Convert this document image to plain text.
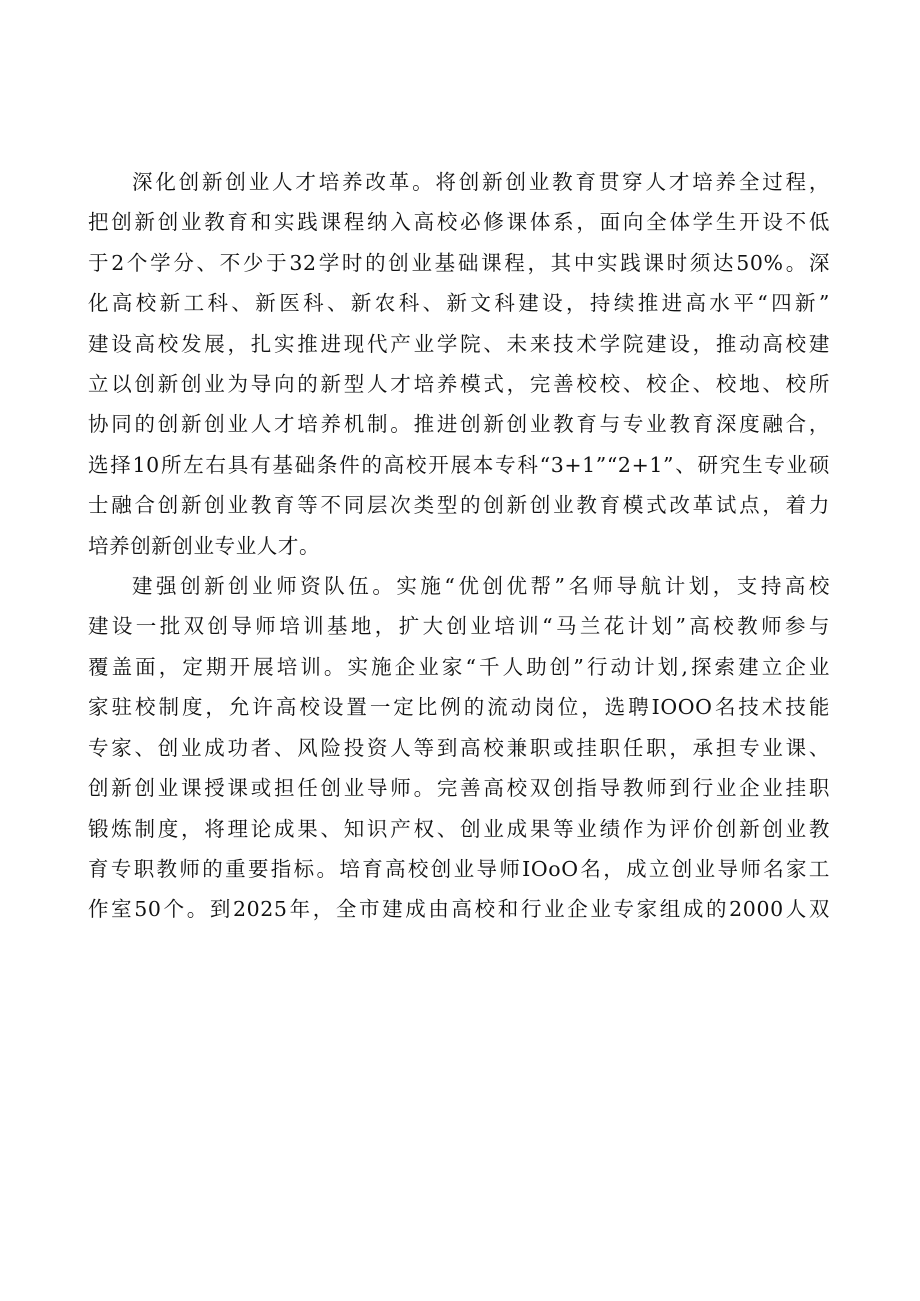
深化创新创业人才培养改革。将创新创业教育贯穿人才培养全过程，
把创新创业教育和实践课程纳入高校必修课体系，面向全体学生开设不低
于2个学分、不少于32学时的创业基础课程，其中实践课时须达50%。深
化高校新工科、新医科、新农科、新文科建设，持续推进高水平“四新”
建设高校发展，扎实推进现代产业学院、未来技术学院建设，推动高校建
立以创新创业为导向的新型人才培养模式，完善校校、校企、校地、校所
协同的创新创业人才培养机制。推进创新创业教育与专业教育深度融合，
选择10所左右具有基础条件的高校开展本专科“3+1”“2+1”、研究生专业硕
士融合创新创业教育等不同层次类型的创新创业教育模式改革试点，着力
培养创新创业专业人才。

建强创新创业师资队伍。实施“优创优帮”名师导航计划，支持高校
建设一批双创导师培训基地，扩大创业培训“马兰花计划”高校教师参与
覆盖面，定期开展培训。实施企业家“千人助创”行动计划,探索建立企业
家驻校制度，允许高校设置一定比例的流动岗位，选聘IOOO名技术技能
专家、创业成功者、风险投资人等到高校兼职或挂职任职，承担专业课、
创新创业课授课或担任创业导师。完善高校双创指导教师到行业企业挂职
锻炼制度，将理论成果、知识产权、创业成果等业绩作为评价创新创业教
育专职教师的重要指标。培育高校创业导师IOoO名，成立创业导师名家工
作室50个。到2025年，全市建成由高校和行业企业专家组成的2000人双
